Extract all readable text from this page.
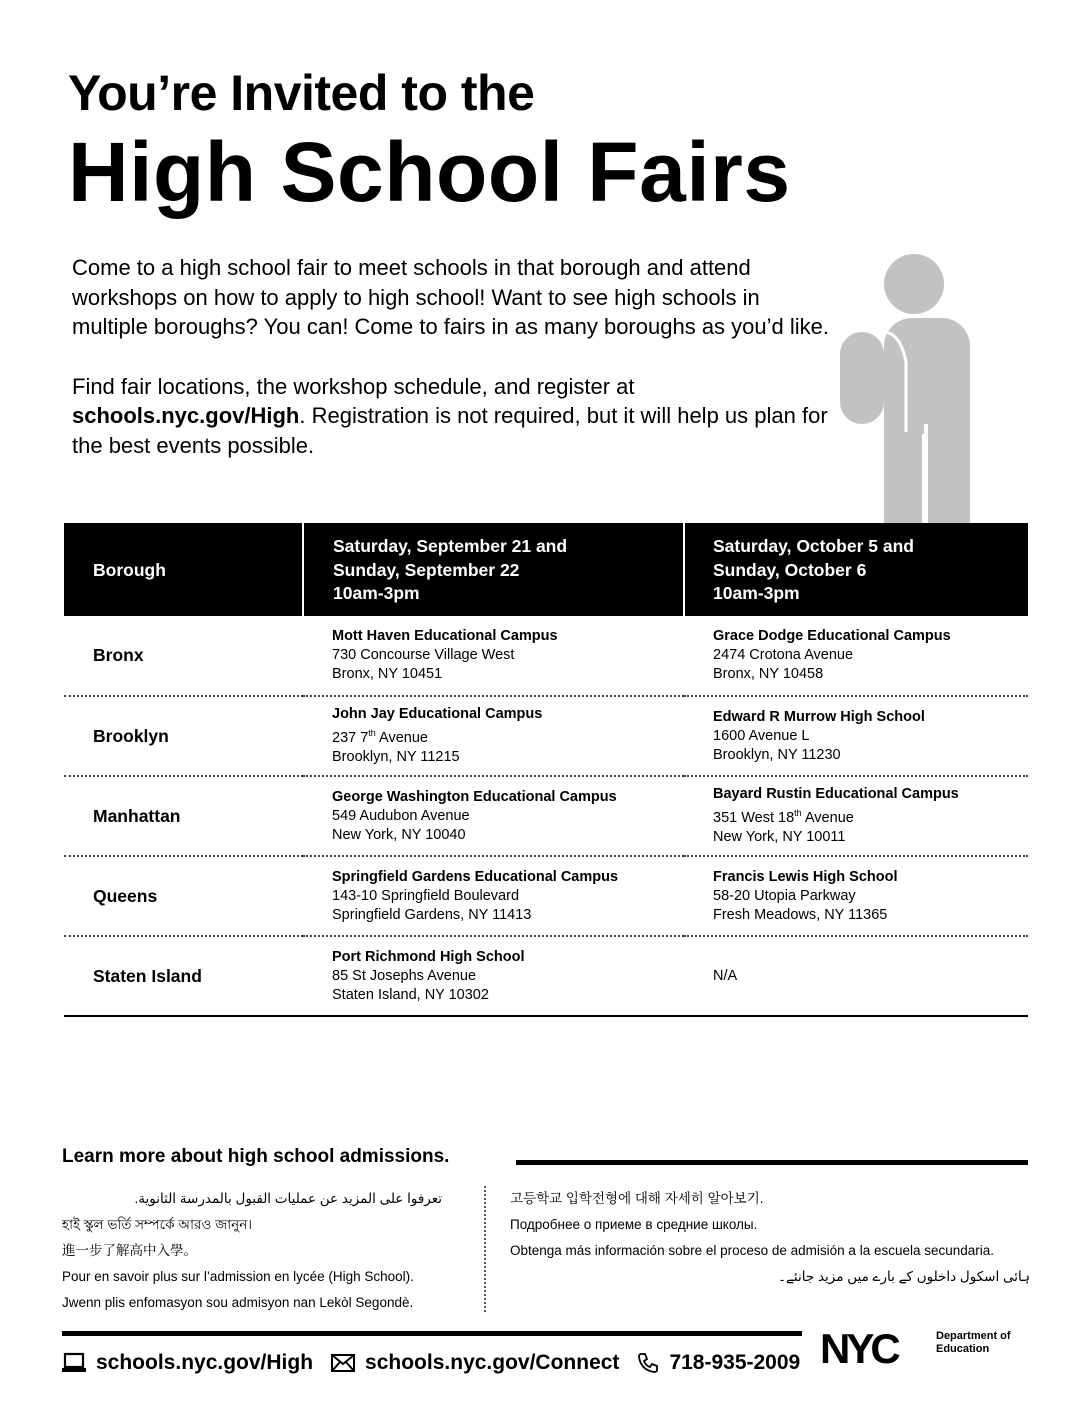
You’re Invited to the
High School Fairs

Come to a high school fair to meet schools in that borough and attend workshops on how to apply to high school! Want to see high schools in multiple boroughs? You can! Come to fairs in as many boroughs as you’d like.

Find fair locations, the workshop schedule, and register at schools.nyc.gov/High. Registration is not required, but it will help us plan for the best events possible.

Borough	Saturday, September 21 and
Sunday, September 22
10am-3pm	Saturday, October 5 and
Sunday, October 6
10am-3pm

Bronx	Mott Haven Educational Campus
730 Concourse Village West
Bronx, NY 10451	Grace Dodge Educational Campus
2474 Crotona Avenue
Bronx, NY 10458

Brooklyn	John Jay Educational Campus
237 7th Avenue
Brooklyn, NY 11215	Edward R Murrow High School
1600 Avenue L
Brooklyn, NY 11230

Manhattan	George Washington Educational Campus
549 Audubon Avenue
New York, NY 10040	Bayard Rustin Educational Campus
351 West 18th Avenue
New York, NY 10011

Queens	Springfield Gardens Educational Campus
143-10 Springfield Boulevard
Springfield Gardens, NY 11413	Francis Lewis High School
58-20 Utopia Parkway
Fresh Meadows, NY 11365

Staten Island	Port Richmond High School
85 St Josephs Avenue
Staten Island, NY 10302	N/A
Learn more about high school admissions.
تعرفوا على المزيد عن عمليات القبول بالمدرسة الثانوية.
হাই স্কুল ভর্তি সম্পর্কে আরও জানুন।
進一步了解高中入學。
Pour en savoir plus sur l’admission en lycée (High School).
Jwenn plis enfomasyon sou admisyon nan Lekòl Segondè.
고등학교 입학전형에 대해 자세히 알아보기.
Подробнее о приеме в средние школы.
Obtenga más información sobre el proceso de admisión a la escuela secundaria.
ہائی اسکول داخلوں کے بارے میں مزید جانئے۔
schools.nyc.gov/High schools.nyc.gov/Connect 718-935-2009 NYC	Department of
Education
